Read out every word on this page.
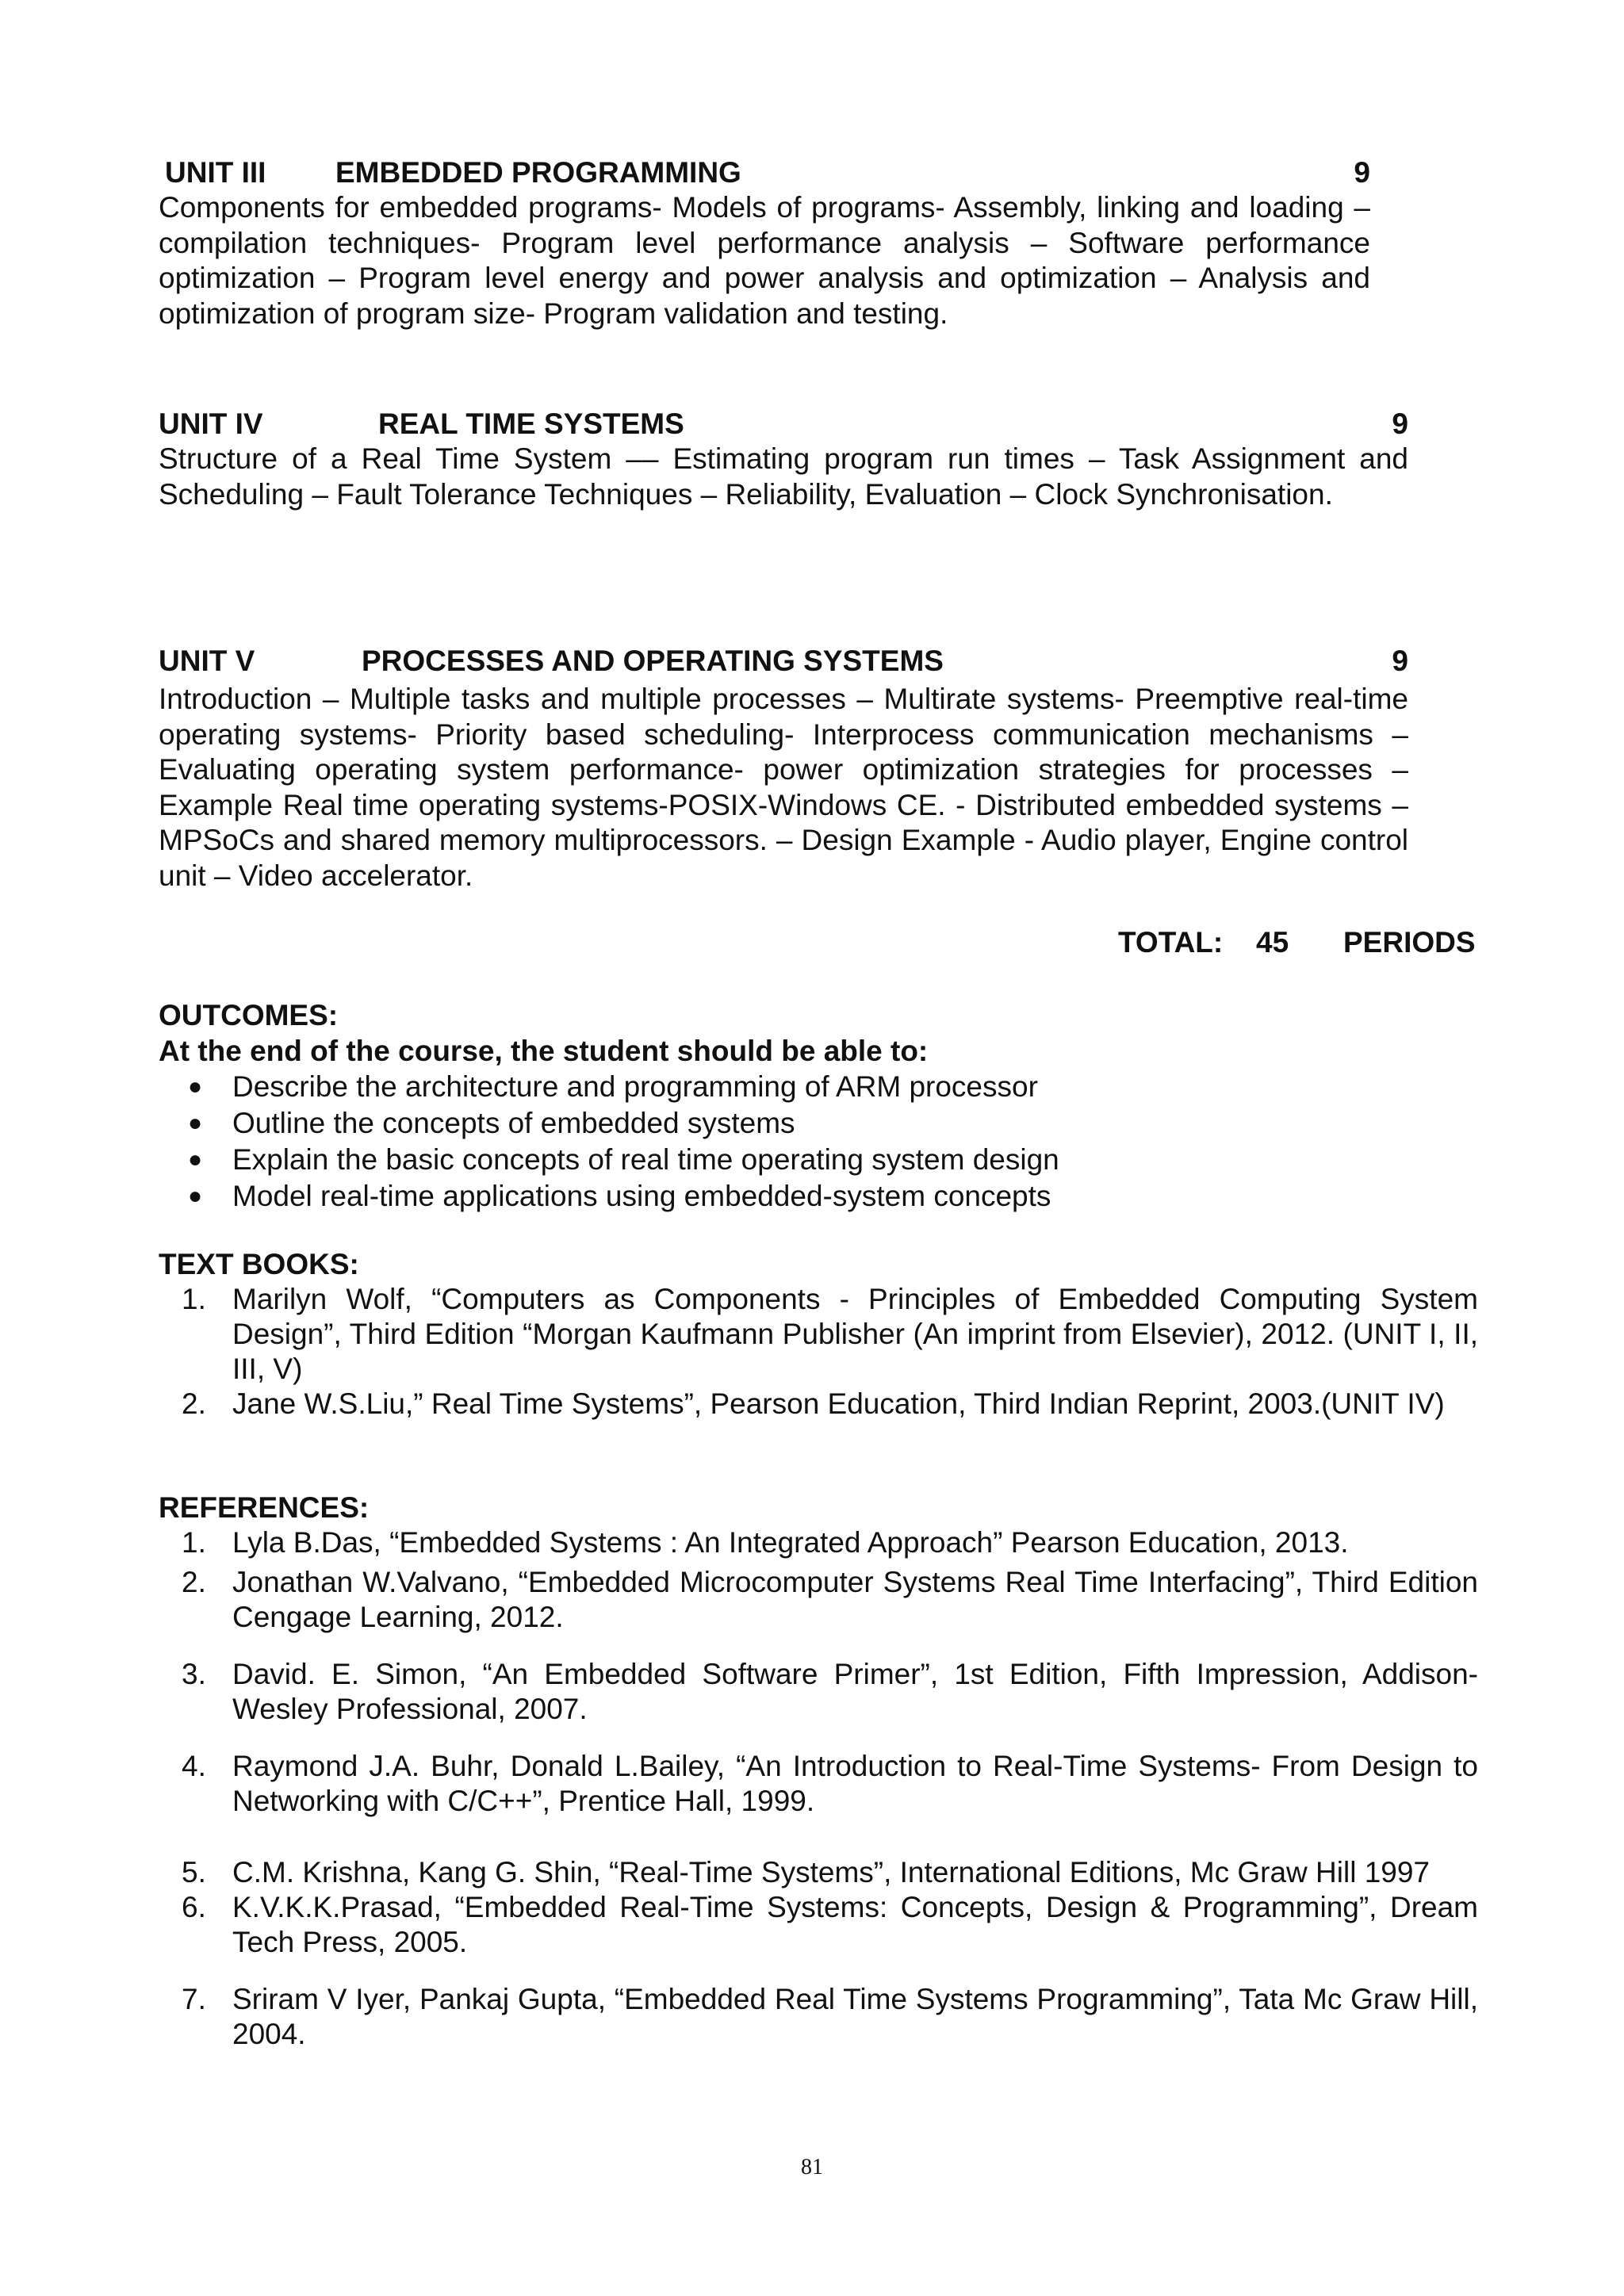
UNIT III	EMBEDDED PROGRAMMING	9

Components for embedded programs- Models of programs- Assembly, linking and loading – compilation techniques- Program level performance analysis – Software performance optimization – Program level energy and power analysis and optimization – Analysis and optimization of program size- Program validation and testing.

UNIT IV	REAL TIME SYSTEMS	9

Structure of a Real Time System –– Estimating program run times – Task Assignment and Scheduling – Fault Tolerance Techniques – Reliability, Evaluation – Clock Synchronisation.

UNIT V	PROCESSES AND OPERATING SYSTEMS	9

Introduction – Multiple tasks and multiple processes – Multirate systems- Preemptive real-time operating systems- Priority based scheduling- Interprocess communication mechanisms – Evaluating operating system performance- power optimization strategies for processes – Example Real time operating systems-POSIX-Windows CE. - Distributed embedded systems – MPSoCs and shared memory multiprocessors. – Design Example - Audio player, Engine control unit – Video accelerator.

TOTAL: 45 PERIODS
OUTCOMES:
At the end of the course, the student should be able to:
● Describe the architecture and programming of ARM processor
● Outline the concepts of embedded systems
● Explain the basic concepts of real time operating system design
● Model real-time applications using embedded-system concepts
TEXT BOOKS:
1. Marilyn Wolf, “Computers as Components - Principles of Embedded Computing System Design”, Third Edition “Morgan Kaufmann Publisher (An imprint from Elsevier), 2012. (UNIT I, II, III, V)
2. Jane W.S.Liu,” Real Time Systems”, Pearson Education, Third Indian Reprint, 2003.(UNIT IV)
REFERENCES:
1. Lyla B.Das, “Embedded Systems : An Integrated Approach” Pearson Education, 2013.
2. Jonathan W.Valvano, “Embedded Microcomputer Systems Real Time Interfacing”, Third Edition Cengage Learning, 2012.
3. David. E. Simon, “An Embedded Software Primer”, 1st Edition, Fifth Impression, Addison-Wesley Professional, 2007.
4. Raymond J.A. Buhr, Donald L.Bailey, “An Introduction to Real-Time Systems- From Design to Networking with C/C++”, Prentice Hall, 1999.
5. C.M. Krishna, Kang G. Shin, “Real-Time Systems”, International Editions, Mc Graw Hill 1997
6. K.V.K.K.Prasad, “Embedded Real-Time Systems: Concepts, Design & Programming”, Dream Tech Press, 2005.
7. Sriram V Iyer, Pankaj Gupta, “Embedded Real Time Systems Programming”, Tata Mc Graw Hill, 2004.
81
